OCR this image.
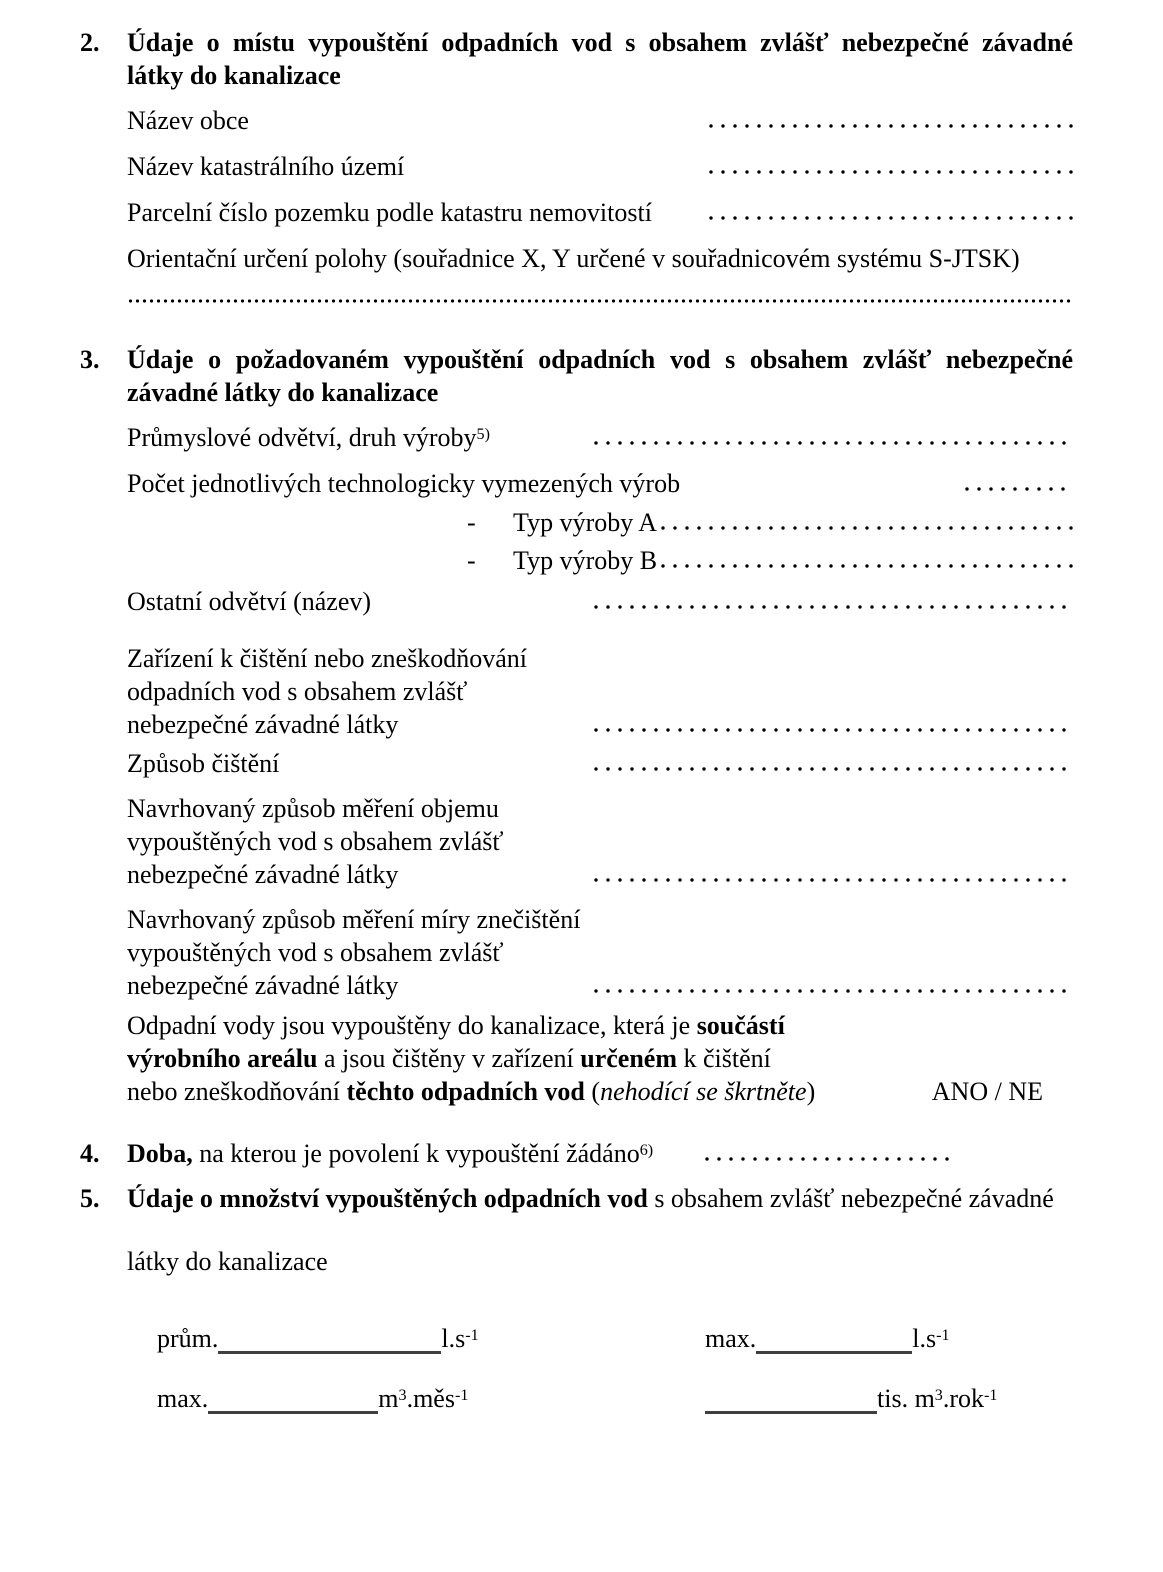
2. Údaje o místu vypouštění odpadních vod s obsahem zvlášť nebezpečné závadné
látky do kanalizace
Název obce
Název katastrálního území
Parcelní číslo pozemku podle katastru nemovitostí
Orientační určení polohy (souřadnice X, Y určené v souřadnicovém systému S-JTSK)
3. Údaje o požadovaném vypouštění odpadních vod s obsahem zvlášť nebezpečné
závadné látky do kanalizace
Průmyslové odvětví, druh výroby$^{5)}$
Počet jednotlivých technologicky vymezených výrob
-	Typ výroby A
-	Typ výroby B
Ostatní odvětví (název)
Zařízení k čištění nebo zneškodňování
odpadních vod s obsahem zvlášť
nebezpečné závadné látky
Způsob čištění
Navrhovaný způsob měření objemu
vypouštěných vod s obsahem zvlášť
nebezpečné závadné látky
Navrhovaný způsob měření míry znečištění
vypouštěných vod s obsahem zvlášť
nebezpečné závadné látky
Odpadní vody jsou vypouštěny do kanalizace, která je součástí
výrobního areálu a jsou čištěny v zařízení určeném k čištění
nebo zneškodňování těchto odpadních vod (nehodící se škrtněte)	ANO / NE
4. Doba, na kterou je povolení k vypouštění žádáno$^{6)}$
5. Údaje o množství vypouštěných odpadních vod s obsahem zvlášť nebezpečné závadné
látky do kanalizace
prům.	$l.s^{-1}$	max.	$l.s^{-1}$
max.	$m^3.měs^{-1}$	tis. $m^3.rok^{-1}$
